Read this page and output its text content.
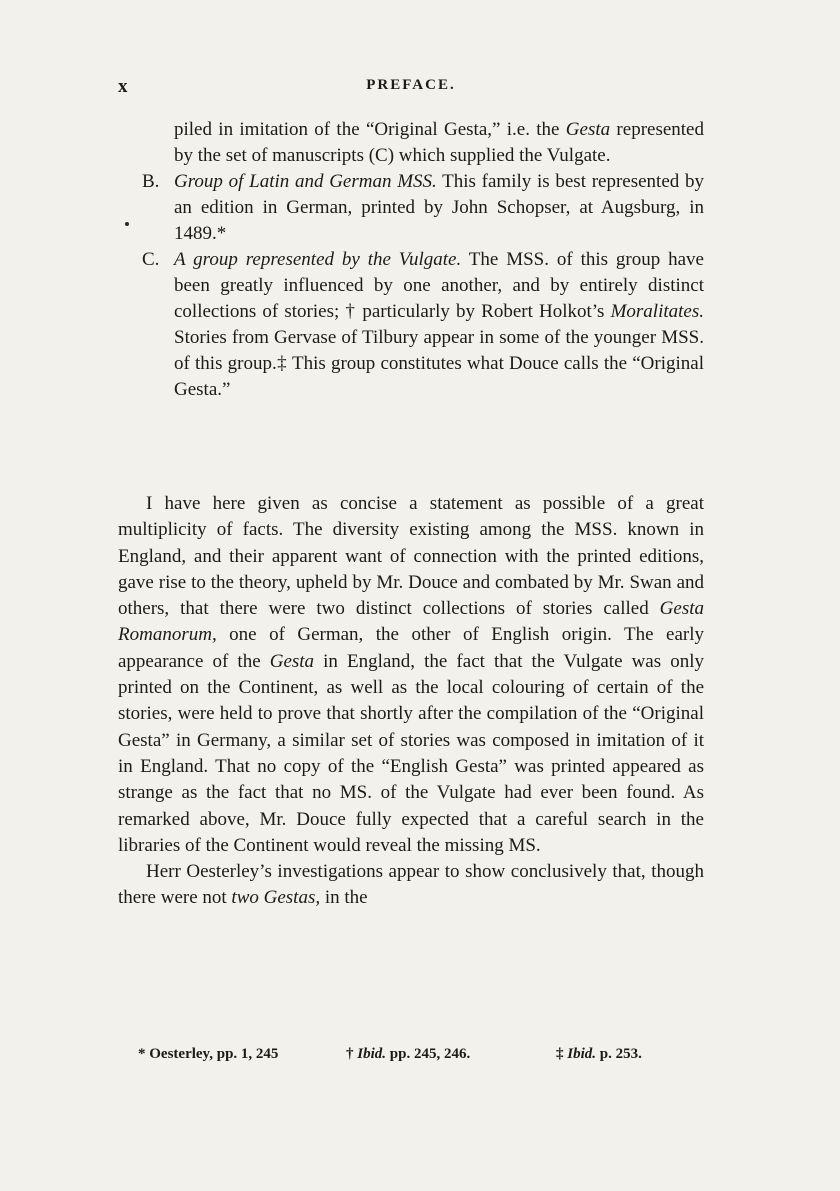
x	PREFACE.
piled in imitation of the “Original Gesta,” i.e. the Gesta represented by the set of manuscripts (C) which supplied the Vulgate.
B. Group of Latin and German MSS. This family is best represented by an edition in German, printed by John Schopser, at Augsburg, in 1489.*
C. A group represented by the Vulgate. The MSS. of this group have been greatly influenced by one another, and by entirely distinct collections of stories; † particularly by Robert Holkot’s Moralitates. Stories from Gervase of Tilbury appear in some of the younger MSS. of this group.‡ This group constitutes what Douce calls the “Original Gesta.”

I have here given as concise a statement as possible of a great multiplicity of facts. The diversity existing among the MSS. known in England, and their apparent want of connection with the printed editions, gave rise to the theory, upheld by Mr. Douce and combated by Mr. Swan and others, that there were two distinct collections of stories called Gesta Romanorum, one of German, the other of English origin. The early appearance of the Gesta in England, the fact that the Vulgate was only printed on the Continent, as well as the local colouring of certain of the stories, were held to prove that shortly after the compilation of the “Original Gesta” in Germany, a similar set of stories was composed in imitation of it in England. That no copy of the “English Gesta” was printed appeared as strange as the fact that no MS. of the Vulgate had ever been found. As remarked above, Mr. Douce fully expected that a careful search in the libraries of the Continent would reveal the missing MS.

Herr Oesterley’s investigations appear to show conclusively that, though there were not two Gestas, in the

* Oesterley, pp. 1, 245	† Ibid. pp. 245, 246.	‡ Ibid. p. 253.
